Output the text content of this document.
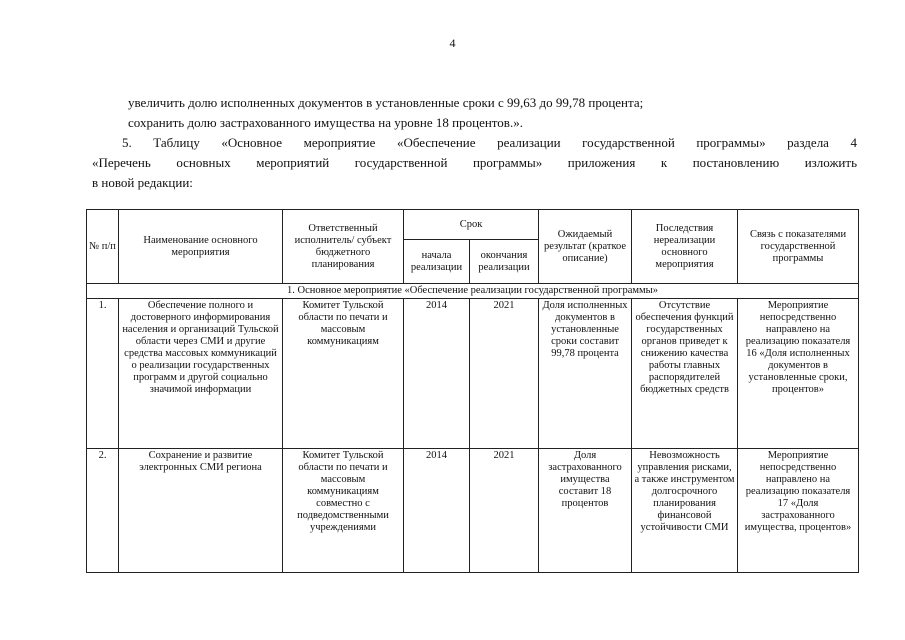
4
увеличить долю исполненных документов в установленные сроки с 99,63 до 99,78 процента;
сохранить долю застрахованного имущества на уровне 18 процентов.».
5. Таблицу «Основное мероприятие «Обеспечение реализации государственной программы» раздела 4
«Перечень основных мероприятий государственной программы» приложения к постановлению изложить
в новой редакции:
№ п/п	Наименование основного мероприятия	Ответственный исполнитель/ субъект бюджетного планирования	Срок		Ожидаемый результат (краткое описание)	Последствия нереализации основного мероприятия	Связь с показателями государственной программы
			начала реализации	окончания реализации			
1. Основное мероприятие «Обеспечение реализации государственной программы»							
1.	Обеспечение полного и достоверного информирования населения и организаций Тульской области через СМИ и другие средства массовых коммуникаций о реализации государственных программ и другой социально значимой информации	Комитет Тульской области по печати и массовым коммуникациям	2014	2021	Доля исполненных документов в установленные сроки составит 99,78 процента	Отсутствие обеспечения функций государственных органов приведет к снижению качества работы главных распорядителей бюджетных средств	Мероприятие непосредственно направлено на реализацию показателя 16 «Доля исполненных документов в установленные сроки, процентов»
2.	Сохранение и развитие электронных СМИ региона	Комитет Тульской области по печати и массовым коммуникациям совместно с подведомственными учреждениями	2014	2021	Доля застрахованного имущества составит 18 процентов	Невозможность управления рисками, а также инструментом долгосрочного планирования финансовой устойчивости СМИ	Мероприятие непосредственно направлено на реализацию показателя 17 «Доля застрахованного имущества, процентов»
